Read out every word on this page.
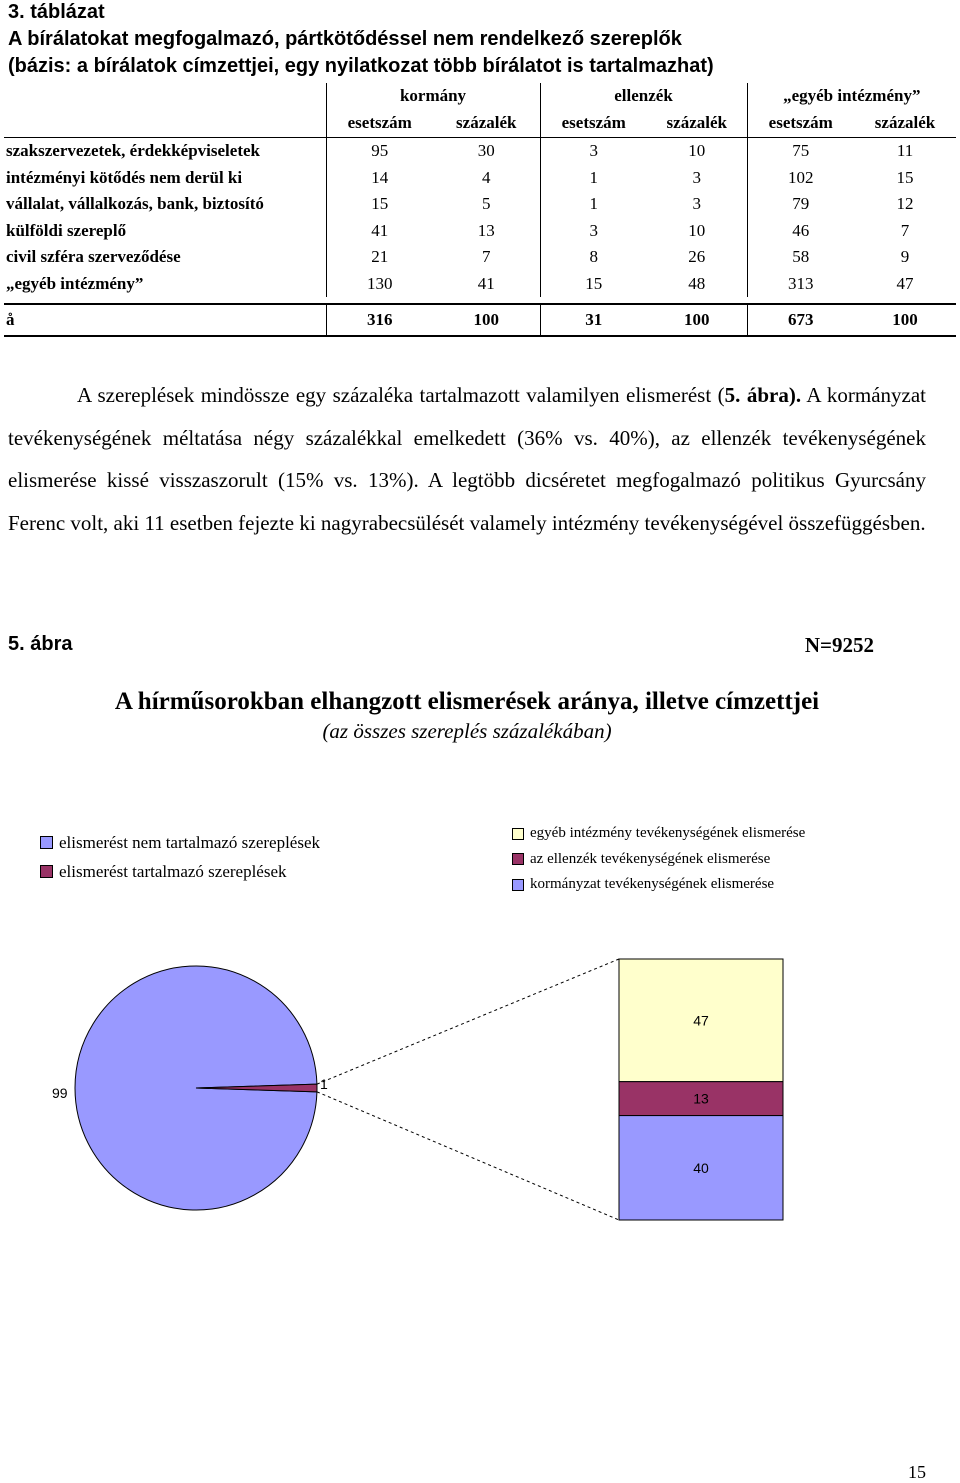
3. táblázat
A bírálatokat megfogalmazó, pártkötődéssel nem rendelkező szereplők
(bázis: a bírálatok címzettjei, egy nyilatkozat több bírálatot is tartalmazhat)
	kormány		ellenzék		„egyéb intézmény”	
	esetszám	százalék	esetszám	százalék	esetszám	százalék
szakszervezetek, érdekképviseletek	95	30	3	10	75	11
intézményi kötődés nem derül ki	14	4	1	3	102	15
vállalat, vállalkozás, bank, biztosító	15	5	1	3	79	12
külföldi szereplő	41	13	3	10	46	7
civil szféra szerveződése	21	7	8	26	58	9
„egyéb intézmény”	130	41	15	48	313	47

å	316	100	31	100	673	100
A szereplések mindössze egy százaléka tartalmazott valamilyen elismerést (5. ábra). A kormányzat tevékenységének méltatása négy százalékkal emelkedett (36% vs. 40%), az ellenzék tevékenységének elismerése kissé visszaszorult (15% vs. 13%). A legtöbb dicséretet megfogalmazó politikus Gyurcsány Ferenc volt, aki 11 esetben fejezte ki nagyrabecsülését valamely intézmény tevékenységével összefüggésben.
5. ábra	N=9252
A hírműsorokban elhangzott elismerések aránya, illetve címzettjei
(az összes szereplés százalékában)
elismerést nem tartalmazó szereplések
elismerést tartalmazó szereplések
egyéb intézmény tevékenységének elismerése
az ellenzék tevékenységének elismerése
kormányzat tevékenységének elismerése
99
1
47
13
40
15
